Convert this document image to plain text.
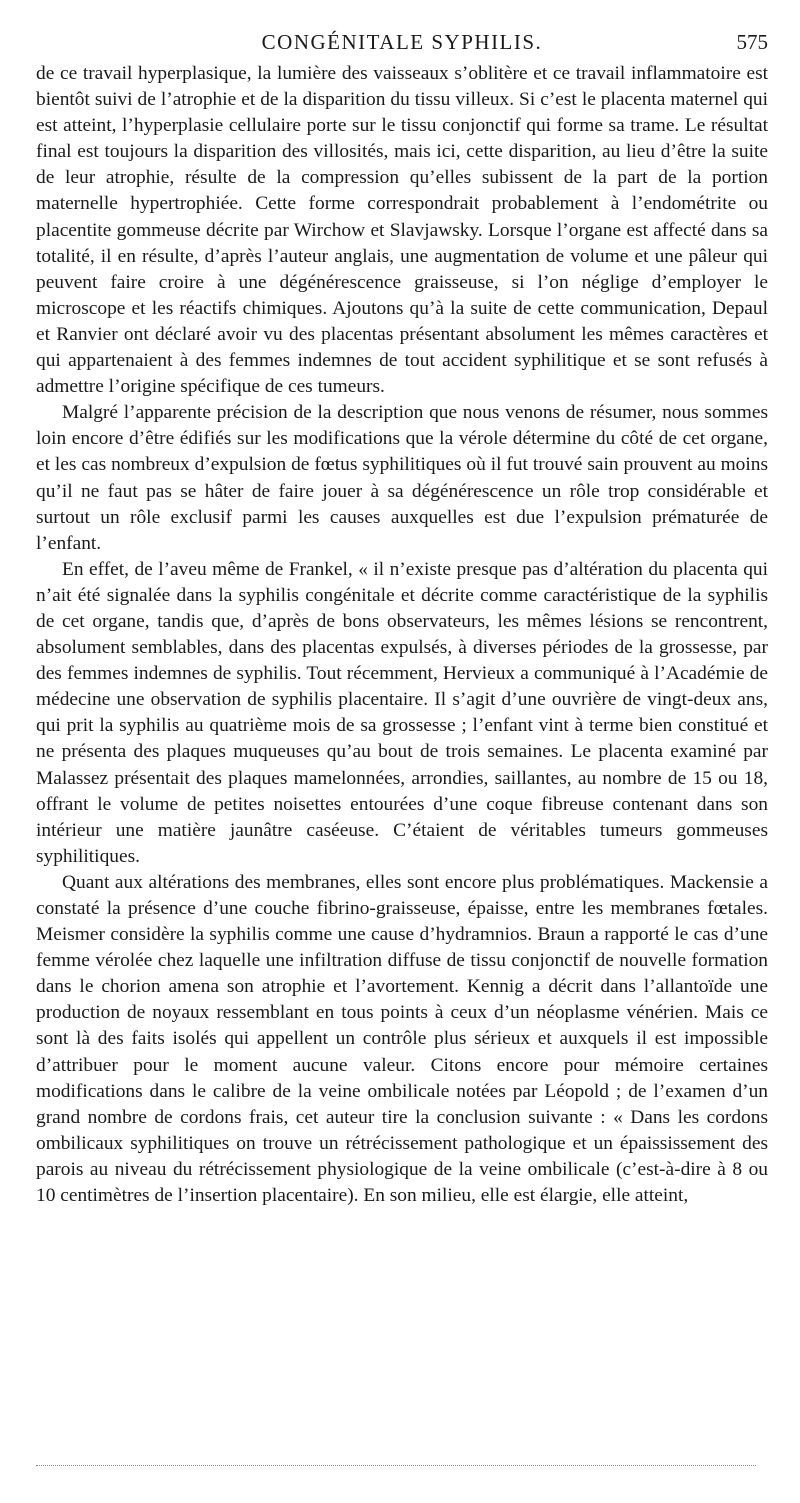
CONGÉNITALE SYPHILIS.	575

de ce travail hyperplasique, la lumière des vaisseaux s’oblitère et ce travail inflammatoire est bientôt suivi de l’atrophie et de la disparition du tissu villeux. Si c’est le placenta maternel qui est atteint, l’hyperplasie cellulaire porte sur le tissu conjonctif qui forme sa trame. Le résultat final est toujours la disparition des villosités, mais ici, cette disparition, au lieu d’être la suite de leur atrophie, résulte de la compression qu’elles subissent de la part de la portion maternelle hypertrophiée. Cette forme correspondrait probablement à l’endométrite ou placentite gommeuse décrite par Wirchow et Slavjawsky. Lorsque l’organe est affecté dans sa totalité, il en résulte, d’après l’auteur anglais, une augmentation de volume et une pâleur qui peuvent faire croire à une dégénérescence graisseuse, si l’on néglige d’employer le microscope et les réactifs chimiques. Ajoutons qu’à la suite de cette communication, Depaul et Ranvier ont déclaré avoir vu des placentas présentant absolument les mêmes caractères et qui appartenaient à des femmes indemnes de tout accident syphilitique et se sont refusés à admettre l’origine spécifique de ces tumeurs.

Malgré l’apparente précision de la description que nous venons de résumer, nous sommes loin encore d’être édifiés sur les modifications que la vérole détermine du côté de cet organe, et les cas nombreux d’expulsion de fœtus syphilitiques où il fut trouvé sain prouvent au moins qu’il ne faut pas se hâter de faire jouer à sa dégénérescence un rôle trop considérable et surtout un rôle exclusif parmi les causes auxquelles est due l’expulsion prématurée de l’enfant.

En effet, de l’aveu même de Frankel, « il n’existe presque pas d’altération du placenta qui n’ait été signalée dans la syphilis congénitale et décrite comme caractéristique de la syphilis de cet organe, tandis que, d’après de bons observateurs, les mêmes lésions se rencontrent, absolument semblables, dans des placentas expulsés, à diverses périodes de la grossesse, par des femmes indemnes de syphilis. Tout récemment, Hervieux a communiqué à l’Académie de médecine une observation de syphilis placentaire. Il s’agit d’une ouvrière de vingt-deux ans, qui prit la syphilis au quatrième mois de sa grossesse ; l’enfant vint à terme bien constitué et ne présenta des plaques muqueuses qu’au bout de trois semaines. Le placenta examiné par Malassez présentait des plaques mamelonnées, arrondies, saillantes, au nombre de 15 ou 18, offrant le volume de petites noisettes entourées d’une coque fibreuse contenant dans son intérieur une matière jaunâtre caséeuse. C’étaient de véritables tumeurs gommeuses syphilitiques.

Quant aux altérations des membranes, elles sont encore plus problématiques. Mackensie a constaté la présence d’une couche fibrino-graisseuse, épaisse, entre les membranes fœtales. Meismer considère la syphilis comme une cause d’hydramnios. Braun a rapporté le cas d’une femme vérolée chez laquelle une infiltration diffuse de tissu conjonctif de nouvelle formation dans le chorion amena son atrophie et l’avortement. Kennig a décrit dans l’allantoïde une production de noyaux ressemblant en tous points à ceux d’un néoplasme vénérien. Mais ce sont là des faits isolés qui appellent un contrôle plus sérieux et auxquels il est impossible d’attribuer pour le moment aucune valeur. Citons encore pour mémoire certaines modifications dans le calibre de la veine ombilicale notées par Léopold ; de l’examen d’un grand nombre de cordons frais, cet auteur tire la conclusion suivante : « Dans les cordons ombilicaux syphilitiques on trouve un rétrécissement pathologique et un épaississement des parois au niveau du rétrécissement physiologique de la veine ombilicale (c’est-à-dire à 8 ou 10 centimètres de l’insertion placentaire). En son milieu, elle est élargie, elle atteint,
